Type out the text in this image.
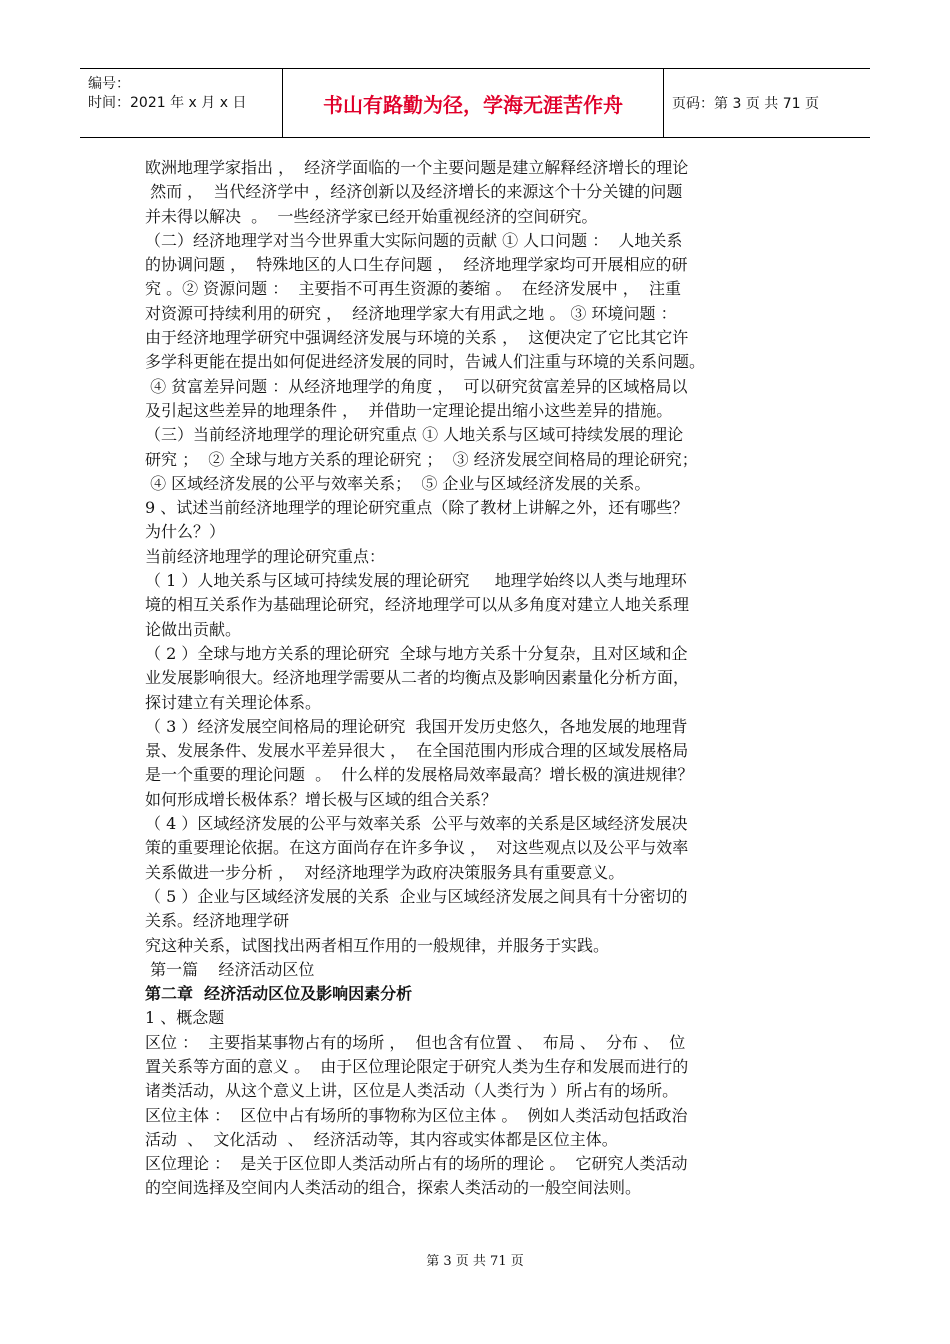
编号：
时间：2021 年 x 月 x 日	书山有路勤为径，学海无涯苦作舟	页码：第 3 页 共 71 页
欧洲地理学家指出 ，  经济学面临的一个主要问题是建立解释经济增长的理论
然而 ，  当代经济学中 ，经济创新以及经济增长的来源这个十分关键的问题
并未得以解决  。  一些经济学家已经开始重视经济的空间研究。
（二）经济地理学对当今世界重大实际问题的贡献 ① 人口问题 ：  人地关系
的协调问题 ，  特殊地区的人口生存问题 ，  经济地理学家均可开展相应的研
究 。② 资源问题 ：  主要指不可再生资源的萎缩 。  在经济发展中 ，  注重
对资源可持续利用的研究 ，  经济地理学家大有用武之地 。 ③ 环境问题 ：
由于经济地理学研究中强调经济发展与环境的关系 ，  这便决定了它比其它许
多学科更能在提出如何促进经济发展的同时，告诫人们注重与环境的关系问题。
④ 贫富差异问题 ：从经济地理学的角度 ，  可以研究贫富差异的区域格局以
及引起这些差异的地理条件 ，  并借助一定理论提出缩小这些差异的措施。
（三）当前经济地理学的理论研究重点 ① 人地关系与区域可持续发展的理论
研究 ；  ② 全球与地方关系的理论研究 ；  ③ 经济发展空间格局的理论研究；
④ 区域经济发展的公平与效率关系；  ⑤ 企业与区域经济发展的关系。
9 、试述当前经济地理学的理论研究重点（除了教材上讲解之外，还有哪些？
为什么？）
当前经济地理学的理论研究重点：
（ 1 ）人地关系与区域可持续发展的理论研究     地理学始终以人类与地理环
境的相互关系作为基础理论研究，经济地理学可以从多角度对建立人地关系理
论做出贡献。
（ 2 ）全球与地方关系的理论研究  全球与地方关系十分复杂，且对区域和企
业发展影响很大。经济地理学需要从二者的均衡点及影响因素量化分析方面，
探讨建立有关理论体系。
（ 3 ）经济发展空间格局的理论研究  我国开发历史悠久，各地发展的地理背
景、发展条件、发展水平差异很大 ，  在全国范围内形成合理的区域发展格局
是一个重要的理论问题  。  什么样的发展格局效率最高？增长极的演进规律？
如何形成增长极体系？增长极与区域的组合关系？
（ 4 ）区域经济发展的公平与效率关系  公平与效率的关系是区域经济发展决
策的重要理论依据。在这方面尚存在许多争议 ，  对这些观点以及公平与效率
关系做进一步分析 ，  对经济地理学为政府决策服务具有重要意义。
（ 5 ）企业与区域经济发展的关系  企业与区域经济发展之间具有十分密切的
关系。经济地理学研
究这种关系，试图找出两者相互作用的一般规律，并服务于实践。
第一篇    经济活动区位
第二章  经济活动区位及影响因素分析
1 、概念题
区位 ：  主要指某事物占有的场所 ，  但也含有位置 、  布局 、  分布 、  位
置关系等方面的意义 。  由于区位理论限定于研究人类为生存和发展而进行的
诸类活动，从这个意义上讲，区位是人类活动（人类行为 ）所占有的场所。
区位主体 ：  区位中占有场所的事物称为区位主体 。  例如人类活动包括政治
活动  、  文化活动  、  经济活动等，其内容或实体都是区位主体。
区位理论 ：  是关于区位即人类活动所占有的场所的理论 。  它研究人类活动
的空间选择及空间内人类活动的组合，探索人类活动的一般空间法则。
第 3 页 共 71 页
